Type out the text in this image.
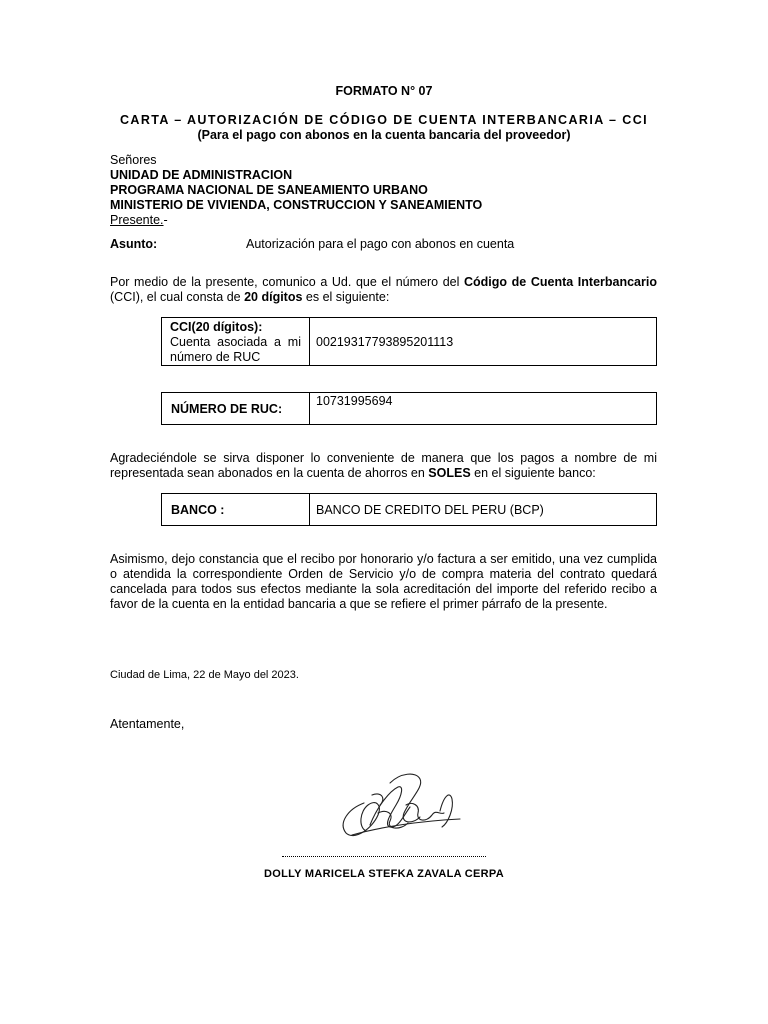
FORMATO N° 07
CARTA – AUTORIZACIÓN DE CÓDIGO DE CUENTA INTERBANCARIA – CCI
(Para el pago con abonos en la cuenta bancaria del proveedor)
Señores
UNIDAD DE ADMINISTRACION
PROGRAMA NACIONAL DE SANEAMIENTO URBANO
MINISTERIO DE VIVIENDA, CONSTRUCCION Y SANEAMIENTO
Presente.-
Asunto:	Autorización para el pago con abonos en cuenta
Por medio de la presente, comunico a Ud. que el número del Código de Cuenta Interbancario (CCI), el cual consta de 20 dígitos es el siguiente:
CCI(20 dígitos):
Cuenta asociada a mi número de RUC
00219317793895201113
NÚMERO DE RUC:
10731995694
Agradeciéndole se sirva disponer lo conveniente de manera que los pagos a nombre de mi representada sean abonados en la cuenta de ahorros en SOLES en el siguiente banco:
BANCO :	BANCO DE CREDITO DEL PERU (BCP)
Asimismo, dejo constancia que el recibo por honorario y/o factura a ser emitido, una vez cumplida o atendida la correspondiente Orden de Servicio y/o de compra materia del contrato quedará cancelada para todos sus efectos mediante la sola acreditación del importe del referido recibo a favor de la cuenta en la entidad bancaria a que se refiere el primer párrafo de la presente.
Ciudad de Lima, 22 de Mayo del 2023.
Atentamente,
DOLLY MARICELA STEFKA ZAVALA CERPA
